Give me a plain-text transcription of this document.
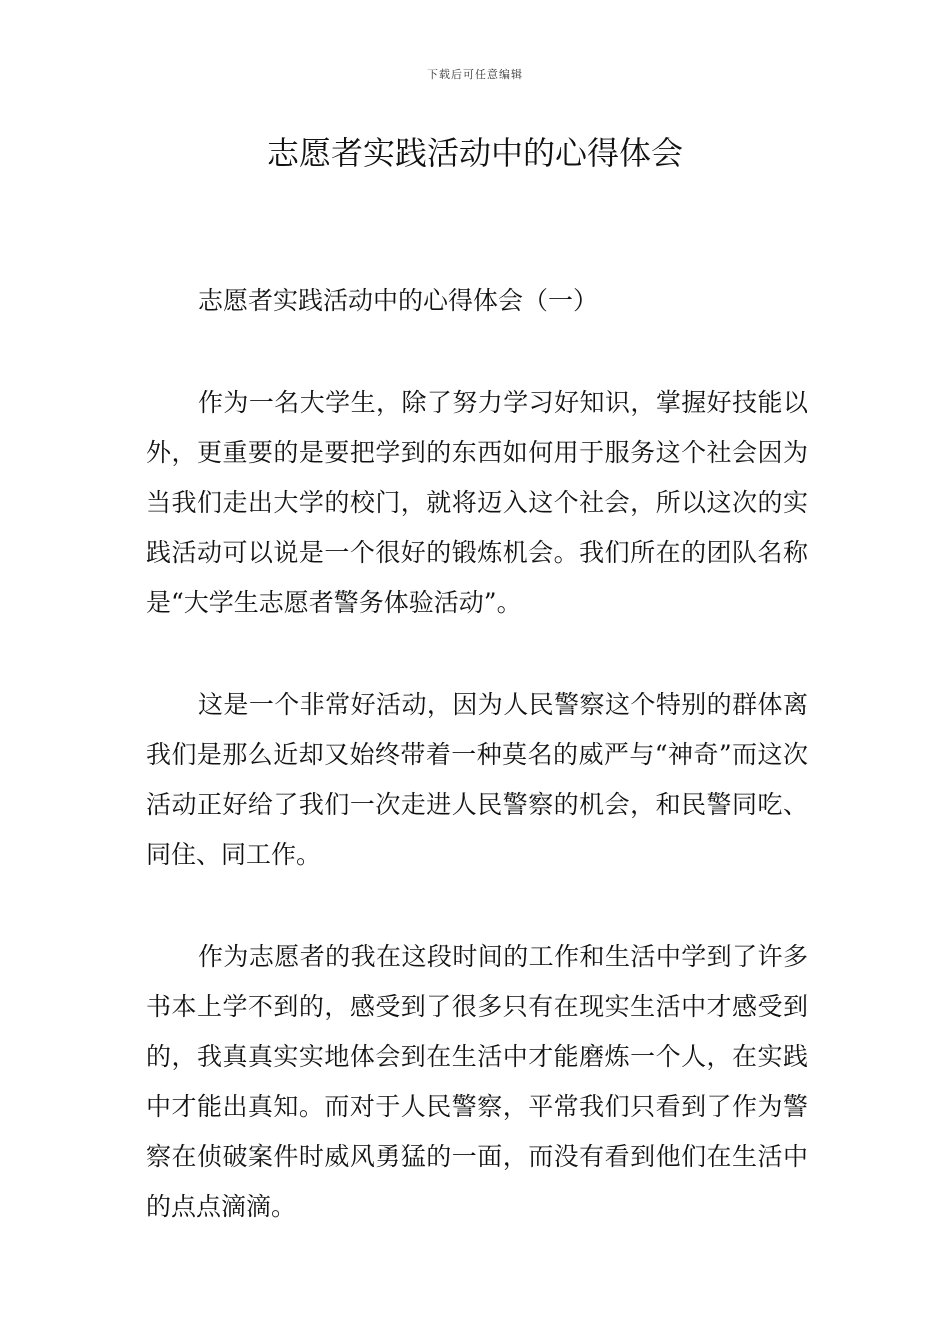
下载后可任意编辑
志愿者实践活动中的心得体会

志愿者实践活动中的心得体会（一）

作为一名大学生，除了努力学习好知识，掌握好技能以外，更重要的是要把学到的东西如何用于服务这个社会因为当我们走出大学的校门，就将迈入这个社会，所以这次的实践活动可以说是一个很好的锻炼机会。我们所在的团队名称是“大学生志愿者警务体验活动”。

这是一个非常好活动，因为人民警察这个特别的群体离我们是那么近却又始终带着一种莫名的威严与“神奇”而这次活动正好给了我们一次走进人民警察的机会，和民警同吃、同住、同工作。

作为志愿者的我在这段时间的工作和生活中学到了许多书本上学不到的，感受到了很多只有在现实生活中才感受到的，我真真实实地体会到在生活中才能磨炼一个人，在实践中才能出真知。而对于人民警察，平常我们只看到了作为警察在侦破案件时威风勇猛的一面，而没有看到他们在生活中的点点滴滴。
